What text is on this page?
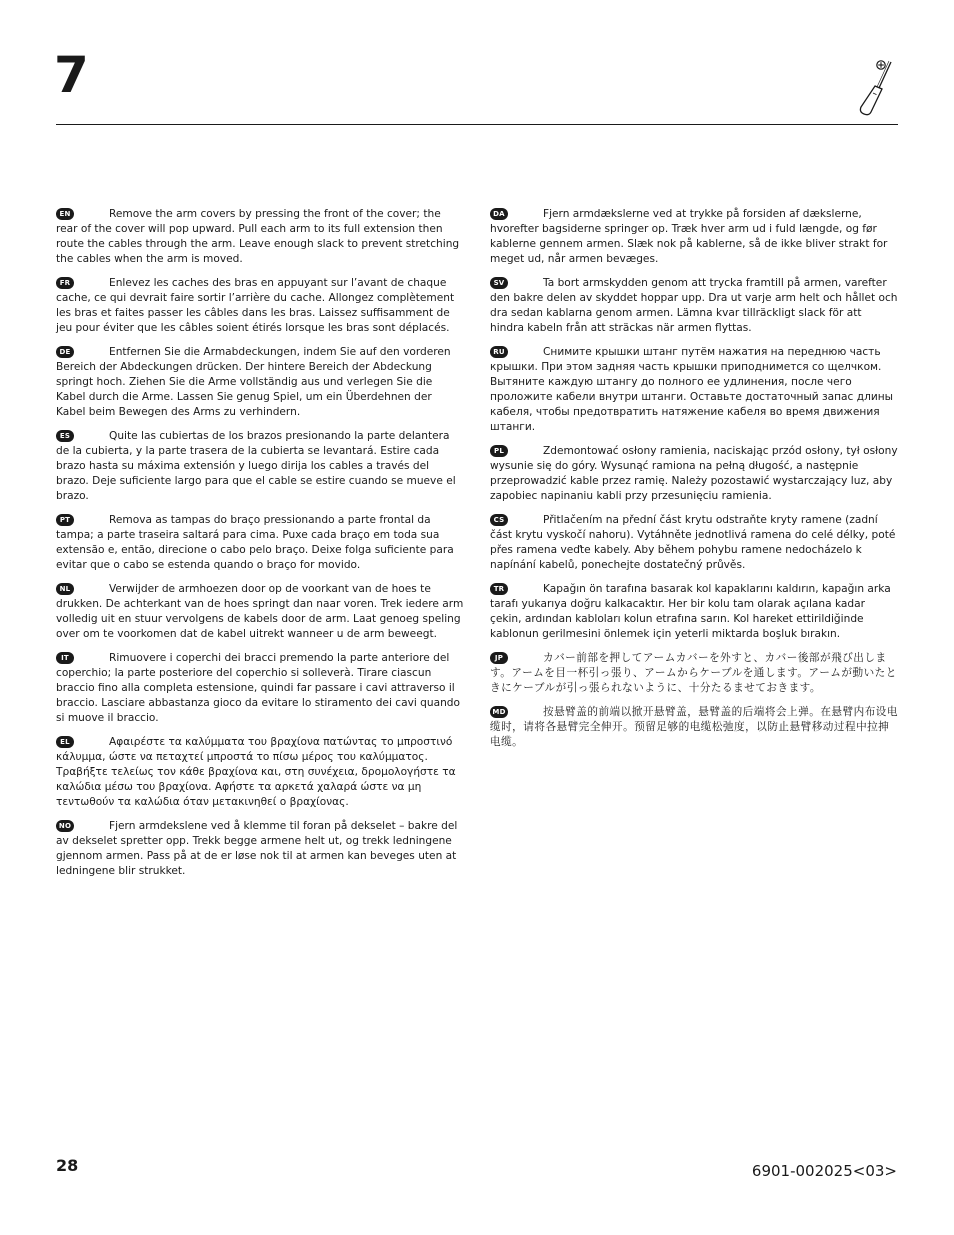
7
EN	Remove the arm covers by pressing the front of the cover; the rear of the cover will pop upward. Pull each arm to its full extension then route the cables through the arm. Leave enough slack to prevent stretching the cables when the arm is moved.
FR	Enlevez les caches des bras en appuyant sur l’avant de chaque cache, ce qui devrait faire sortir l’arrière du cache. Allongez complètement les bras et faites passer les câbles dans les bras. Laissez suffisamment de jeu pour éviter que les câbles soient étirés lorsque les bras sont déplacés.
DE	Entfernen Sie die Armabdeckungen, indem Sie auf den vorderen Bereich der Abdeckungen drücken. Der hintere Bereich der Abdeckung springt hoch. Ziehen Sie die Arme vollständig aus und verlegen Sie die Kabel durch die Arme. Lassen Sie genug Spiel, um ein Überdehnen der Kabel beim Bewegen des Arms zu verhindern.
ES	Quite las cubiertas de los brazos presionando la parte delantera de la cubierta, y la parte trasera de la cubierta se levantará. Estire cada brazo hasta su máxima extensión y luego dirija los cables a través del brazo. Deje suficiente largo para que el cable se estire cuando se mueve el brazo.
PT	Remova as tampas do braço pressionando a parte frontal da tampa; a parte traseira saltará para cima. Puxe cada braço em toda sua extensão e, então, direcione o cabo pelo braço. Deixe folga suficiente para evitar que o cabo se estenda quando o braço for movido.
NL	Verwijder de armhoezen door op de voorkant van de hoes te drukken. De achterkant van de hoes springt dan naar voren. Trek iedere arm volledig uit en stuur vervolgens de kabels door de arm. Laat genoeg speling over om te voorkomen dat de kabel uitrekt wanneer u de arm beweegt.
IT	Rimuovere i coperchi dei bracci premendo la parte anteriore del coperchio; la parte posteriore del coperchio si solleverà. Tirare ciascun braccio fino alla completa estensione, quindi far passare i cavi attraverso il braccio. Lasciare abbastanza gioco da evitare lo stiramento dei cavi quando si muove il braccio.
EL	Αφαιρέστε τα καλύμματα του βραχίονα πατώντας το μπροστινό κάλυμμα, ώστε να πεταχτεί μπροστά το πίσω μέρος του καλύμματος. Τραβήξτε τελείως τον κάθε βραχίονα και, στη συνέχεια, δρομολογήστε τα καλώδια μέσω του βραχίονα. Αφήστε τα αρκετά χαλαρά ώστε να μη τεντωθούν τα καλώδια όταν μετακινηθεί ο βραχίονας.
NO	Fjern armdekslene ved å klemme til foran på dekselet – bakre del av dekselet spretter opp. Trekk begge armene helt ut, og trekk ledningene gjennom armen. Pass på at de er løse nok til at armen kan beveges uten at ledningene blir strukket.
DA	Fjern armdækslerne ved at trykke på forsiden af dækslerne, hvorefter bagsiderne springer op. Træk hver arm ud i fuld længde, og før kablerne gennem armen. Slæk nok på kablerne, så de ikke bliver strakt for meget ud, når armen bevæges.
SV	Ta bort armskydden genom att trycka framtill på armen, varefter den bakre delen av skyddet hoppar upp. Dra ut varje arm helt och hållet och dra sedan kablarna genom armen. Lämna kvar tillräckligt slack för att hindra kabeln från att sträckas när armen flyttas.
RU	Снимите крышки штанг путём нажатия на переднюю часть крышки. При этом задняя часть крышки приподнимется со щелчком. Вытяните каждую штангу до полного ее удлинения, после чего проложите кабели внутри штанги. Оставьте достаточный запас длины кабеля, чтобы предотвратить натяжение кабеля во время движения штанги.
PL	Zdemontować osłony ramienia, naciskając przód osłony, tył osłony wysunie się do góry. Wysunąć ramiona na pełną długość, a następnie przeprowadzić kable przez ramię. Należy pozostawić wystarczający luz, aby zapobiec napinaniu kabli przy przesunięciu ramienia.
CS	Přitlačením na přední část krytu odstraňte kryty ramene (zadní část krytu vyskočí nahoru). Vytáhněte jednotlivá ramena do celé délky, poté přes ramena veďte kabely. Aby během pohybu ramene nedocházelo k napínání kabelů, ponechejte dostatečný průvěs.
TR	Kapağın ön tarafına basarak kol kapaklarını kaldırın, kapağın arka tarafı yukarıya doğru kalkacaktır. Her bir kolu tam olarak açılana kadar çekin, ardından kabloları kolun etrafına sarın. Kol hareket ettirildiğinde kablonun gerilmesini önlemek için yeterli miktarda boşluk bırakın.
JP	カバー前部を押してアームカバーを外すと、カバー後部が飛び出します。アームを目一杯引っ張り、アームからケーブルを通します。アームが動いたときにケーブルが引っ張られないように、十分たるませておきます。
MD	按悬臂盖的前端以掀开悬臂盖，悬臂盖的后端将会上弹。在悬臂内布设电缆时，请将各悬臂完全伸开。预留足够的电缆松弛度，以防止悬臂移动过程中拉抻电缆。
28	6901-002025<03>
